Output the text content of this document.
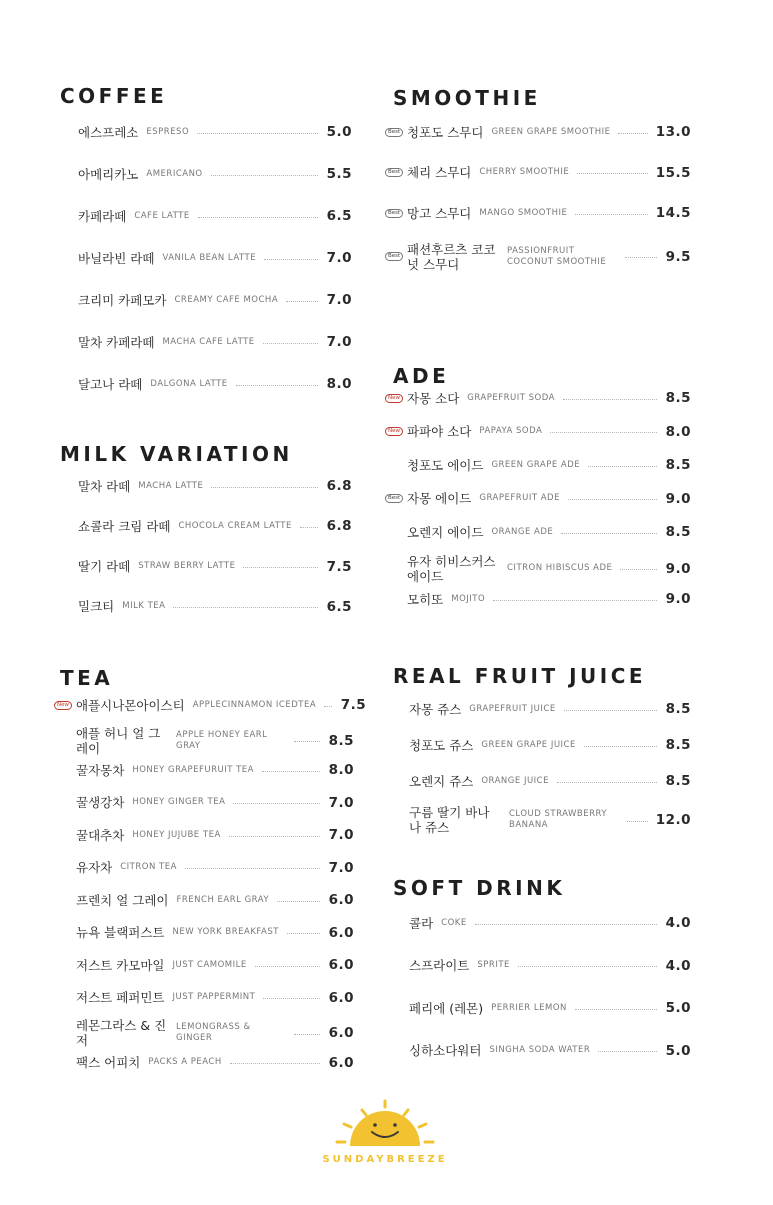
COFFEE
에스프레소 ESPRESO	5.0
아메리카노 AMERICANO	5.5
카페라떼 CAFE LATTE	6.5
바닐라빈 라떼 VANILA BEAN LATTE	7.0
크리미 카페모카 CREAMY CAFE MOCHA	7.0
말차 카페라떼 MACHA CAFE LATTE	7.0
달고나 라떼 DALGONA LATTE	8.0
MILK VARIATION
말차 라떼 MACHA LATTE	6.8
쇼콜라 크림 라떼 CHOCOLA CREAM LATTE	6.8
딸기 라떼 STRAW BERRY LATTE	7.5
밀크티 MILK TEA	6.5
TEA
New 애플시나몬아이스티 APPLECINNAMON ICEDTEA 7.5
애플 허니 얼 그레이
APPLE HONEY EARL GRAY	8.5
꿀자몽차 HONEY GRAPEFURUIT TEA	8.0
꿀생강차 HONEY GINGER TEA	7.0
꿀대추차 HONEY JUJUBE TEA	7.0
유자차 CITRON TEA	7.0
프렌치 얼 그레이 FRENCH EARL GRAY	6.0
뉴욕 블랙퍼스트 NEW YORK BREAKFAST	6.0
저스트 카모마일 JUST CAMOMILE	6.0
저스트 페퍼민트 JUST PAPPERMINT	6.0
레몬그라스 & 진저
LEMONGRASS & GINGER	6.0
팩스 어피치 PACKS A PEACH	6.0
SMOOTHIE
Best 청포도 스무디 GREEN GRAPE SMOOTHIE	13.0
Best 체리 스무디 CHERRY SMOOTHIE	15.5
Best 망고 스무디 MANGO SMOOTHIE	14.5
Best 패션후르츠 코코넛 스무디
PASSIONFRUIT COCONUT SMOOTHIE	9.5
ADE
New 자몽 소다 GRAPEFRUIT SODA	8.5
New 파파야 소다 PAPAYA SODA	8.0
청포도 에이드 GREEN GRAPE ADE	8.5
Best 자몽 에이드 GRAPEFRUIT ADE	9.0
오렌지 에이드 ORANGE ADE	8.5
유자 히비스커스 에이드
CITRON HIBISCUS ADE	9.0
모히또 MOJITO	9.0
REAL FRUIT JUICE
자몽 쥬스 GRAPEFRUIT JUICE	8.5
청포도 쥬스 GREEN GRAPE JUICE	8.5
오렌지 쥬스 ORANGE JUICE	8.5
구름 딸기 바나나 쥬스
CLOUD STRAWBERRY BANANA	12.0
SOFT DRINK
콜라 COKE	4.0
스프라이트 SPRITE	4.0
페리에 (레몬) PERRIER LEMON	5.0
싱하소다워터 SINGHA SODA WATER	5.0
SUNDAYBREEZE
